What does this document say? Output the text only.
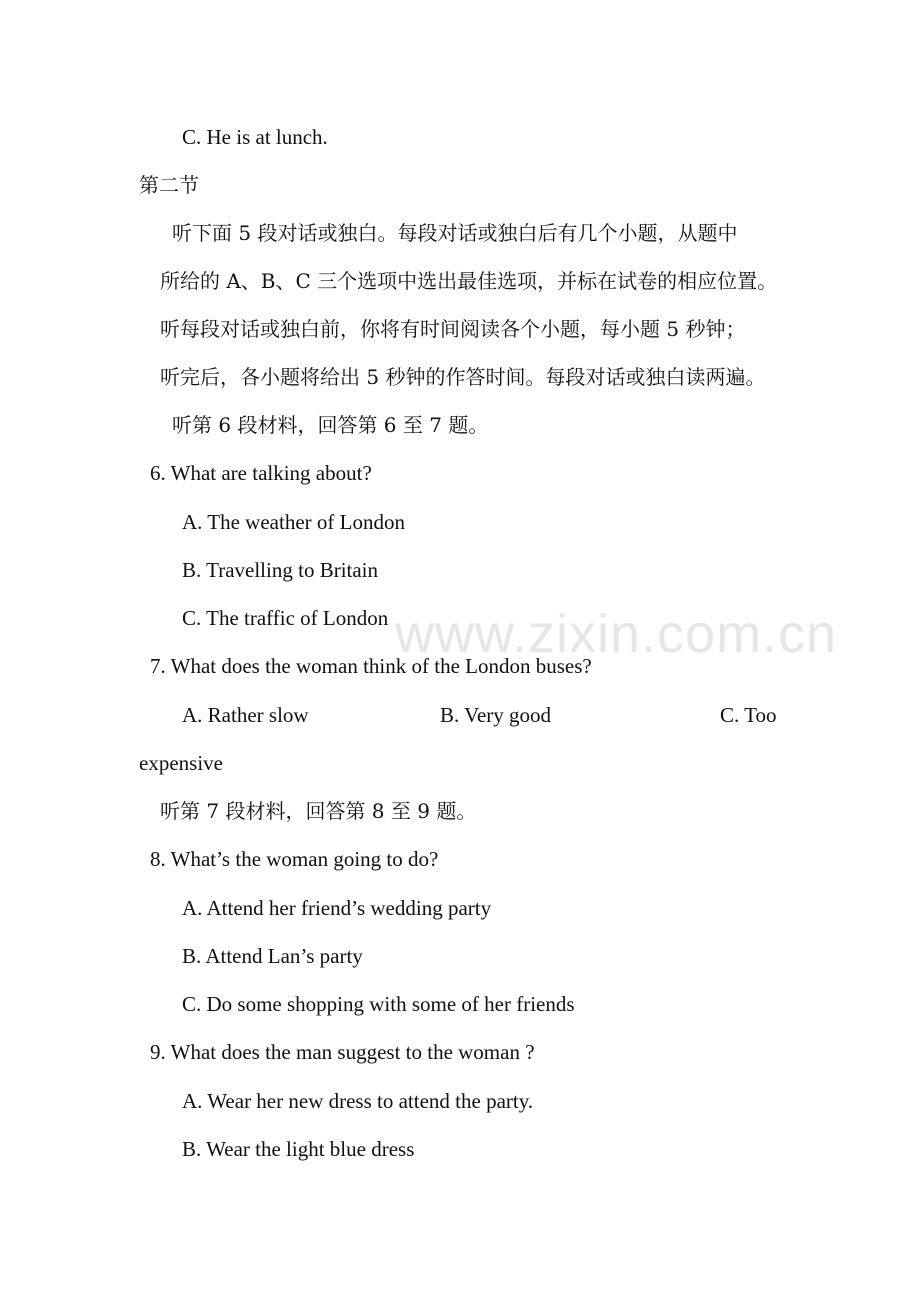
www.zixin.com.cn
C. He is at lunch.
第二节
听下面 5 段对话或独白。每段对话或独白后有几个小题，从题中
所给的 A、B、C 三个选项中选出最佳选项，并标在试卷的相应位置。
听每段对话或独白前，你将有时间阅读各个小题，每小题 5 秒钟；
听完后，各小题将给出 5 秒钟的作答时间。每段对话或独白读两遍。
听第 6 段材料，回答第 6 至 7 题。
6. What are talking about?
A. The weather of London
B. Travelling to Britain
C. The traffic of London
7. What does the woman think of the London buses?
A. Rather slow	B. Very good	C. Too
expensive
听第 7 段材料，回答第 8 至 9 题。
8. What’s the woman going to do?
A. Attend her friend’s wedding party
B. Attend Lan’s party
C. Do some shopping with some of her friends
9. What does the man suggest to the woman ?
A. Wear her new dress to attend the party.
B. Wear the light blue dress
